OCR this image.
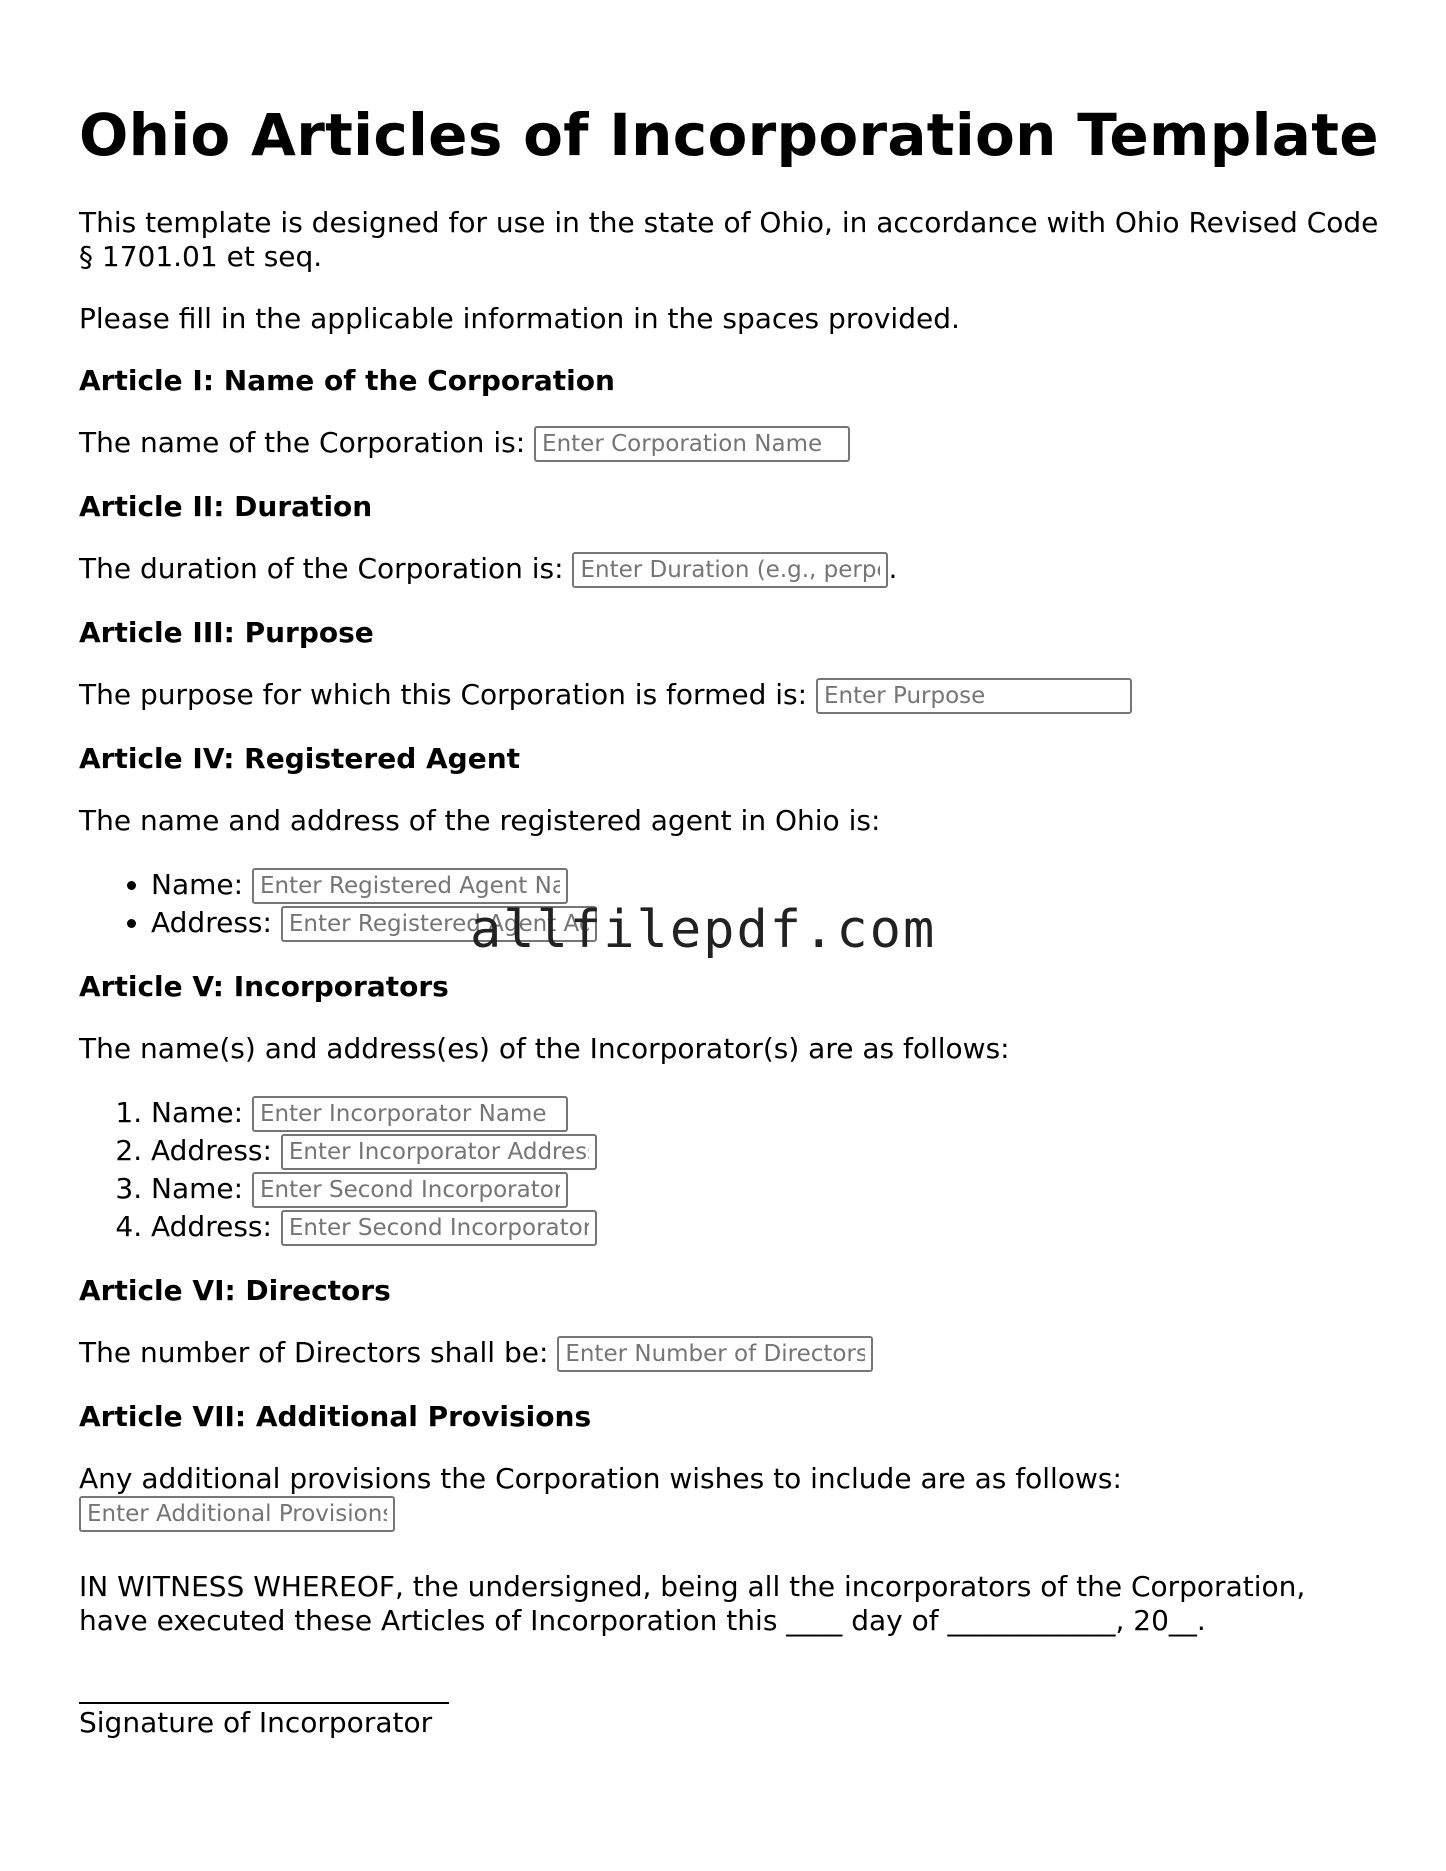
Ohio Articles of Incorporation Template

This template is designed for use in the state of Ohio, in accordance with Ohio Revised Code § 1701.01 et seq.

Please fill in the applicable information in the spaces provided.

Article I: Name of the Corporation

The name of the Corporation is: Enter Corporation Name

Article II: Duration

The duration of the Corporation is: Enter Duration (e.g., perpetual)	.

Article III: Purpose

The purpose for which this Corporation is formed is: Enter Purpose

Article IV: Registered Agent

The name and address of the registered agent in Ohio is:

• Name: Enter Registered Agent Name
• Address: Enter Registered Agent Address
Article V: Incorporators

The name(s) and address(es) of the Incorporator(s) are as follows:

1. Name: Enter Incorporator Name
2. Address: Enter Incorporator Address
3. Name: Enter Second Incorporator Name
4. Address: Enter Second Incorporator Address
Article VI: Directors

The number of Directors shall be: Enter Number of Directors

Article VII: Additional Provisions

Any additional provisions the Corporation wishes to include are as follows:
Enter Additional Provisions

IN WITNESS WHEREOF, the undersigned, being all the incorporators of the Corporation, have executed these Articles of Incorporation this ____ day of ____________, 20__.

Signature of Incorporator
allfilepdf.com
